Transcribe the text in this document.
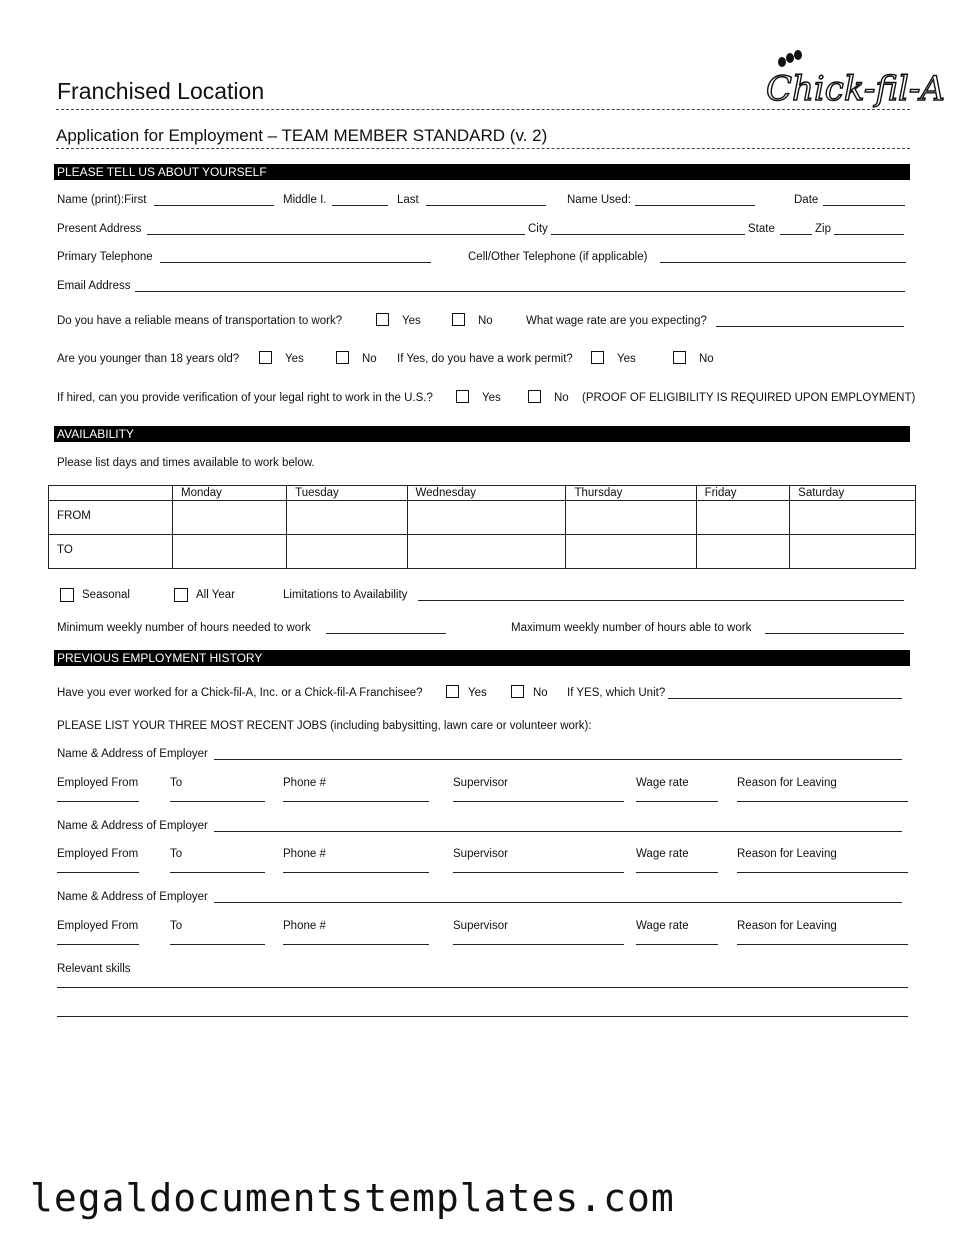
Franchised Location	Chick-fil-A
Application for Employment – TEAM MEMBER STANDARD (v. 2)
PLEASE TELL US ABOUT YOURSELF
Name (print):First	Middle I.	Last	Name Used:	Date
Present Address	City	State	Zip
Primary Telephone	Cell/Other Telephone (if applicable)
Email Address
Do you have a reliable means of transportation to work?	Yes	No	What wage rate are you expecting?
Are you younger than 18 years old?	Yes	No If Yes, do you have a work permit?	Yes	No
If hired, can you provide verification of your legal right to work in the U.S.?	Yes	No (PROOF OF ELIGIBILITY IS REQUIRED UPON EMPLOYMENT)
AVAILABILITY
Please list days and times available to work below.
	Monday	Tuesday	Wednesday	Thursday	Friday	Saturday
FROM						
TO						
Seasonal	All Year	Limitations to Availability
Minimum weekly number of hours needed to work	Maximum weekly number of hours able to work
PREVIOUS EMPLOYMENT HISTORY
Have you ever worked for a Chick-fil-A, Inc. or a Chick-fil-A Franchisee?	Yes	No If YES, which Unit?
PLEASE LIST YOUR THREE MOST RECENT JOBS (including babysitting, lawn care or volunteer work):
Name & Address of Employer
Employed From	To	Phone #	Supervisor	Wage rate	Reason for Leaving
Name & Address of Employer
Employed From	To	Phone #	Supervisor	Wage rate	Reason for Leaving
Name & Address of Employer
Employed From	To	Phone #	Supervisor	Wage rate	Reason for Leaving
Relevant skills
legaldocumentstemplates.com
